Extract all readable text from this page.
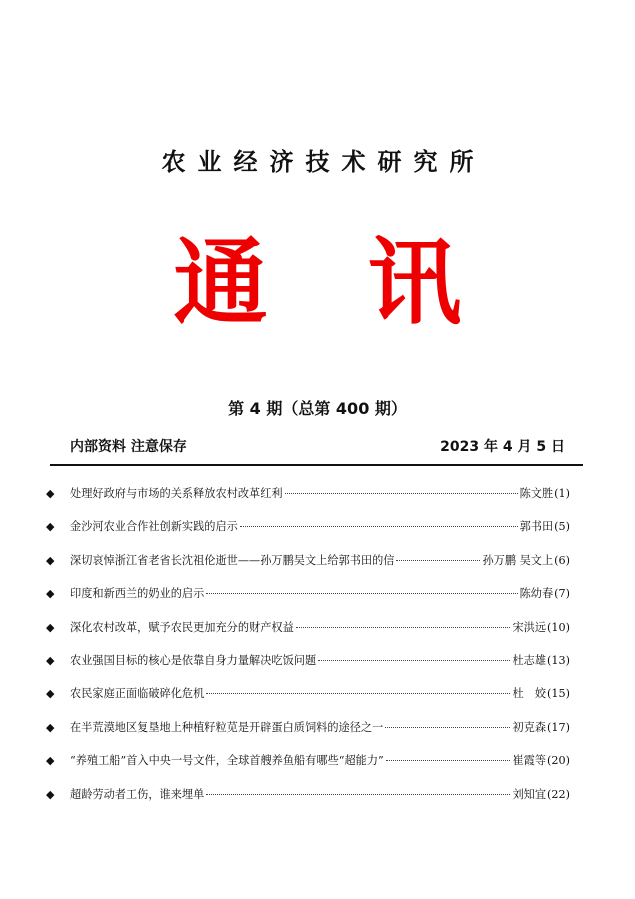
农业经济技术研究所
通讯
第 4 期（总第 400 期）
内部资料 注意保存	2023 年 4 月 5 日
◆	处理好政府与市场的关系释放农村改革红利	陈文胜 (1)
◆	金沙河农业合作社创新实践的启示	郭书田 (5)
◆	深切哀悼浙江省老省长沈祖伦逝世——孙万鹏吴文上给郭书田的信	孙万鹏 吴文上 (6)
◆	印度和新西兰的奶业的启示	陈幼春 (7)
◆	深化农村改革，赋予农民更加充分的财产权益	宋洪远 (10)
◆	农业强国目标的核心是依靠自身力量解决吃饭问题	杜志雄 (13)
◆	农民家庭正面临破碎化危机	杜　姣 (15)
◆	在半荒漠地区复垦地上种植籽粒苋是开辟蛋白质饲料的途径之一	初克森 (17)
◆	“养殖工船”首入中央一号文件，全球首艘养鱼船有哪些“超能力”	崔霞等 (20)
◆	超龄劳动者工伤，谁来埋单	刘知宜 (22)
